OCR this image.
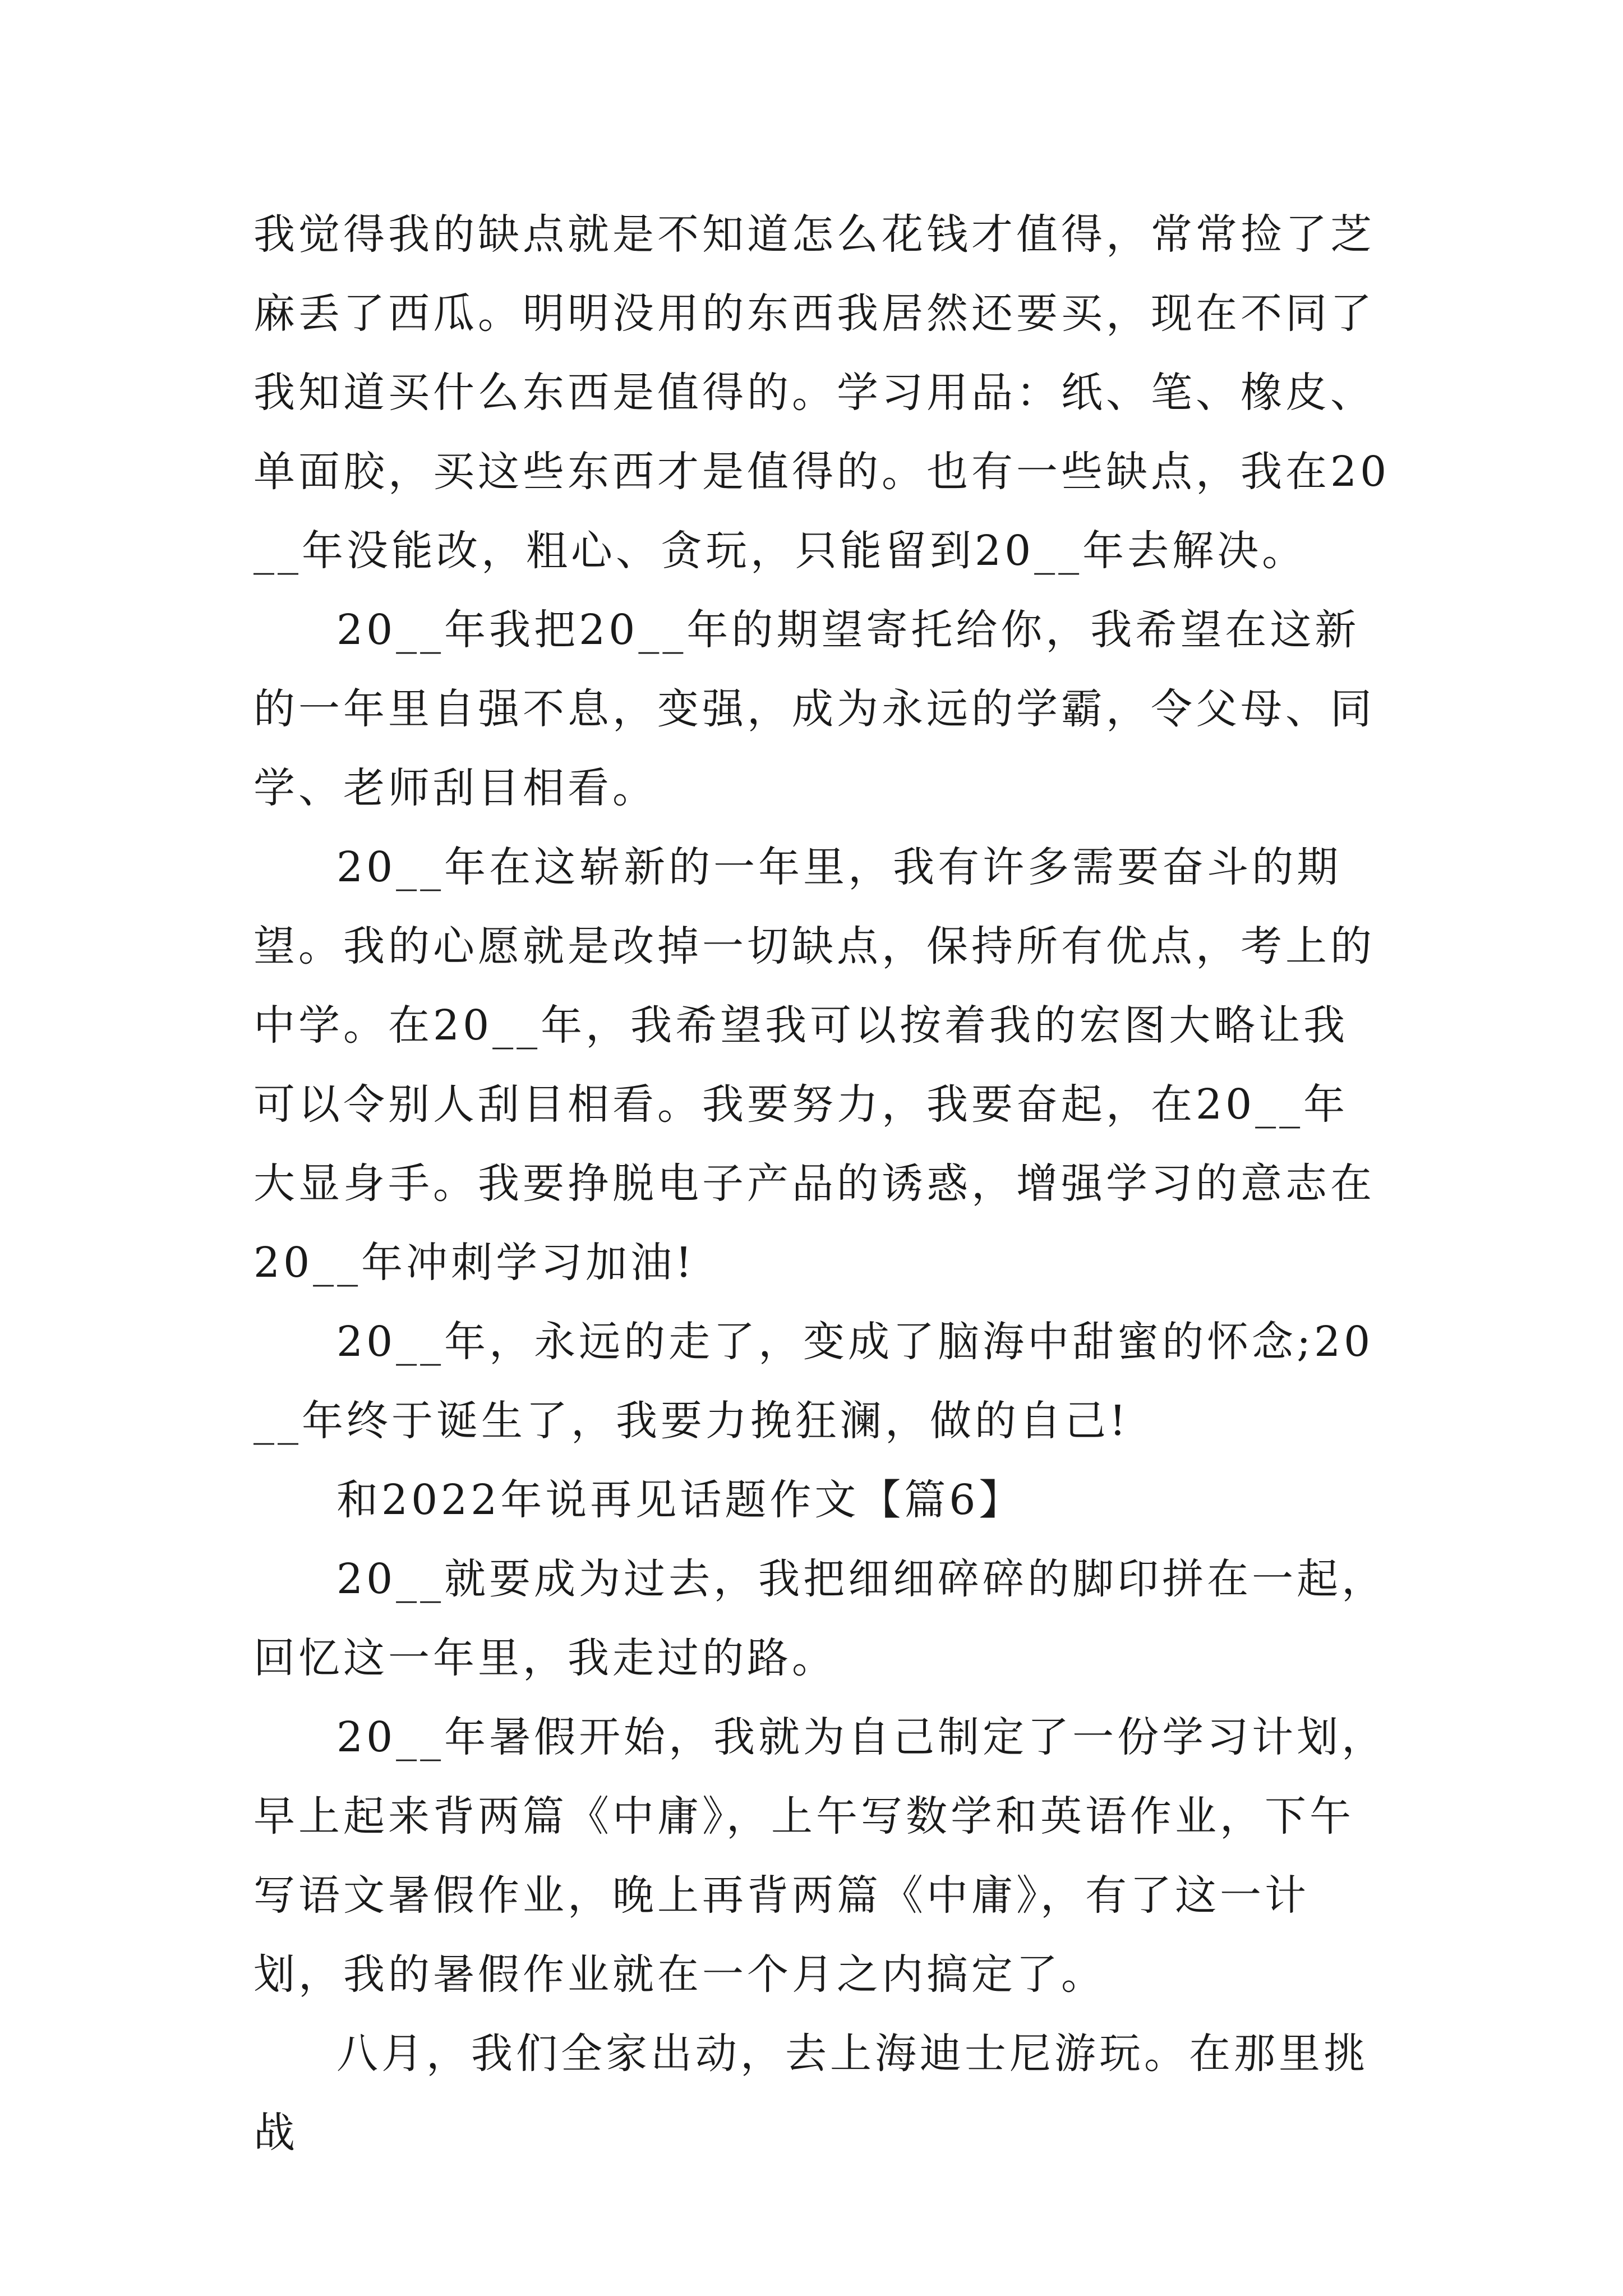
我觉得我的缺点就是不知道怎么花钱才值得，常常捡了芝麻丢了西瓜。明明没用的东西我居然还要买，现在不同了我知道买什么东西是值得的。学习用品：纸、笔、橡皮、单面胶，买这些东西才是值得的。也有一些缺点，我在20__年没能改，粗心、贪玩，只能留到20__年去解决。

20__年我把20__年的期望寄托给你，我希望在这新的一年里自强不息，变强，成为永远的学霸，令父母、同学、老师刮目相看。

20__年在这崭新的一年里，我有许多需要奋斗的期望。我的心愿就是改掉一切缺点，保持所有优点，考上的中学。在20__年，我希望我可以按着我的宏图大略让我可以令别人刮目相看。我要努力，我要奋起，在20__年大显身手。我要挣脱电子产品的诱惑，增强学习的意志在20__年冲刺学习加油!

20__年，永远的走了，变成了脑海中甜蜜的怀念;20__年终于诞生了，我要力挽狂澜，做的自己!

和2022年说再见话题作文【篇6】

20__就要成为过去，我把细细碎碎的脚印拼在一起，回忆这一年里，我走过的路。

20__年暑假开始，我就为自己制定了一份学习计划，早上起来背两篇《中庸》，上午写数学和英语作业，下午写语文暑假作业，晚上再背两篇《中庸》，有了这一计划，我的暑假作业就在一个月之内搞定了。

八月，我们全家出动，去上海迪士尼游玩。在那里挑战
